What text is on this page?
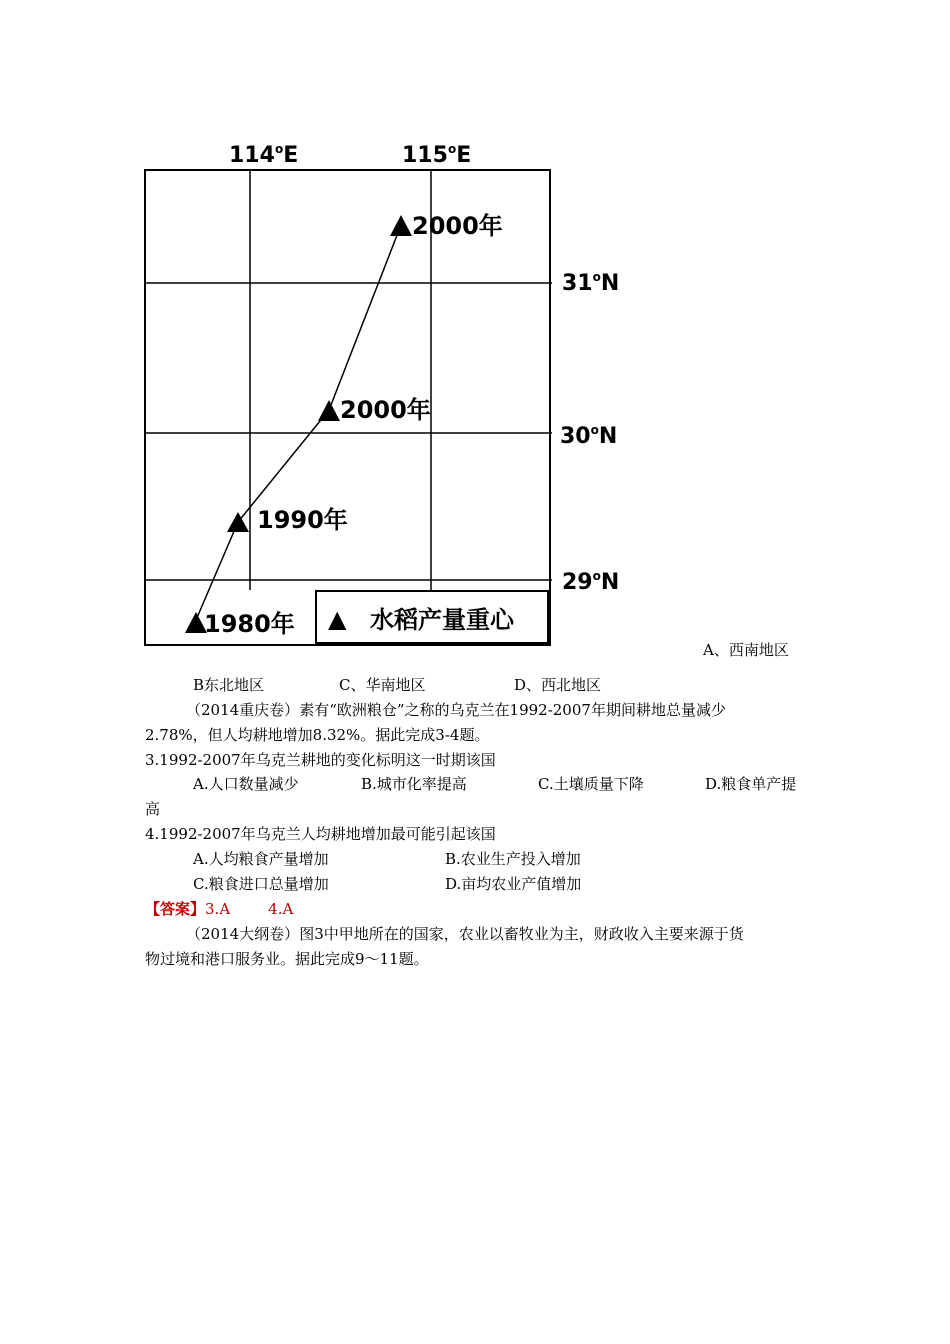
114$^o$E	115$^o$E
31$^o$N
30$^o$N
29$^o$N
1980年
1990年
2000年
2000年
▲ 水稻产量重心
A、西南地区
B东北地区	C、华南地区	D、西北地区
（2014重庆卷）素有“欧洲粮仓”之称的乌克兰在1992-2007年期间耕地总量减少
2.78%，但人均耕地增加8.32%。据此完成3-4题。
3.1992-2007年乌克兰耕地的变化标明这一时期该国
A.人口数量减少	B.城市化率提高	C.土壤质量下降	D.粮食单产提
高
4.1992-2007年乌克兰人均耕地增加最可能引起该国
A.人均粮食产量增加	B.农业生产投入增加
C.粮食进口总量增加	D.亩均农业产值增加
【答案】3.A	4.A
（2014大纲卷）图3中甲地所在的国家，农业以畜牧业为主，财政收入主要来源于货
物过境和港口服务业。据此完成9～11题。
